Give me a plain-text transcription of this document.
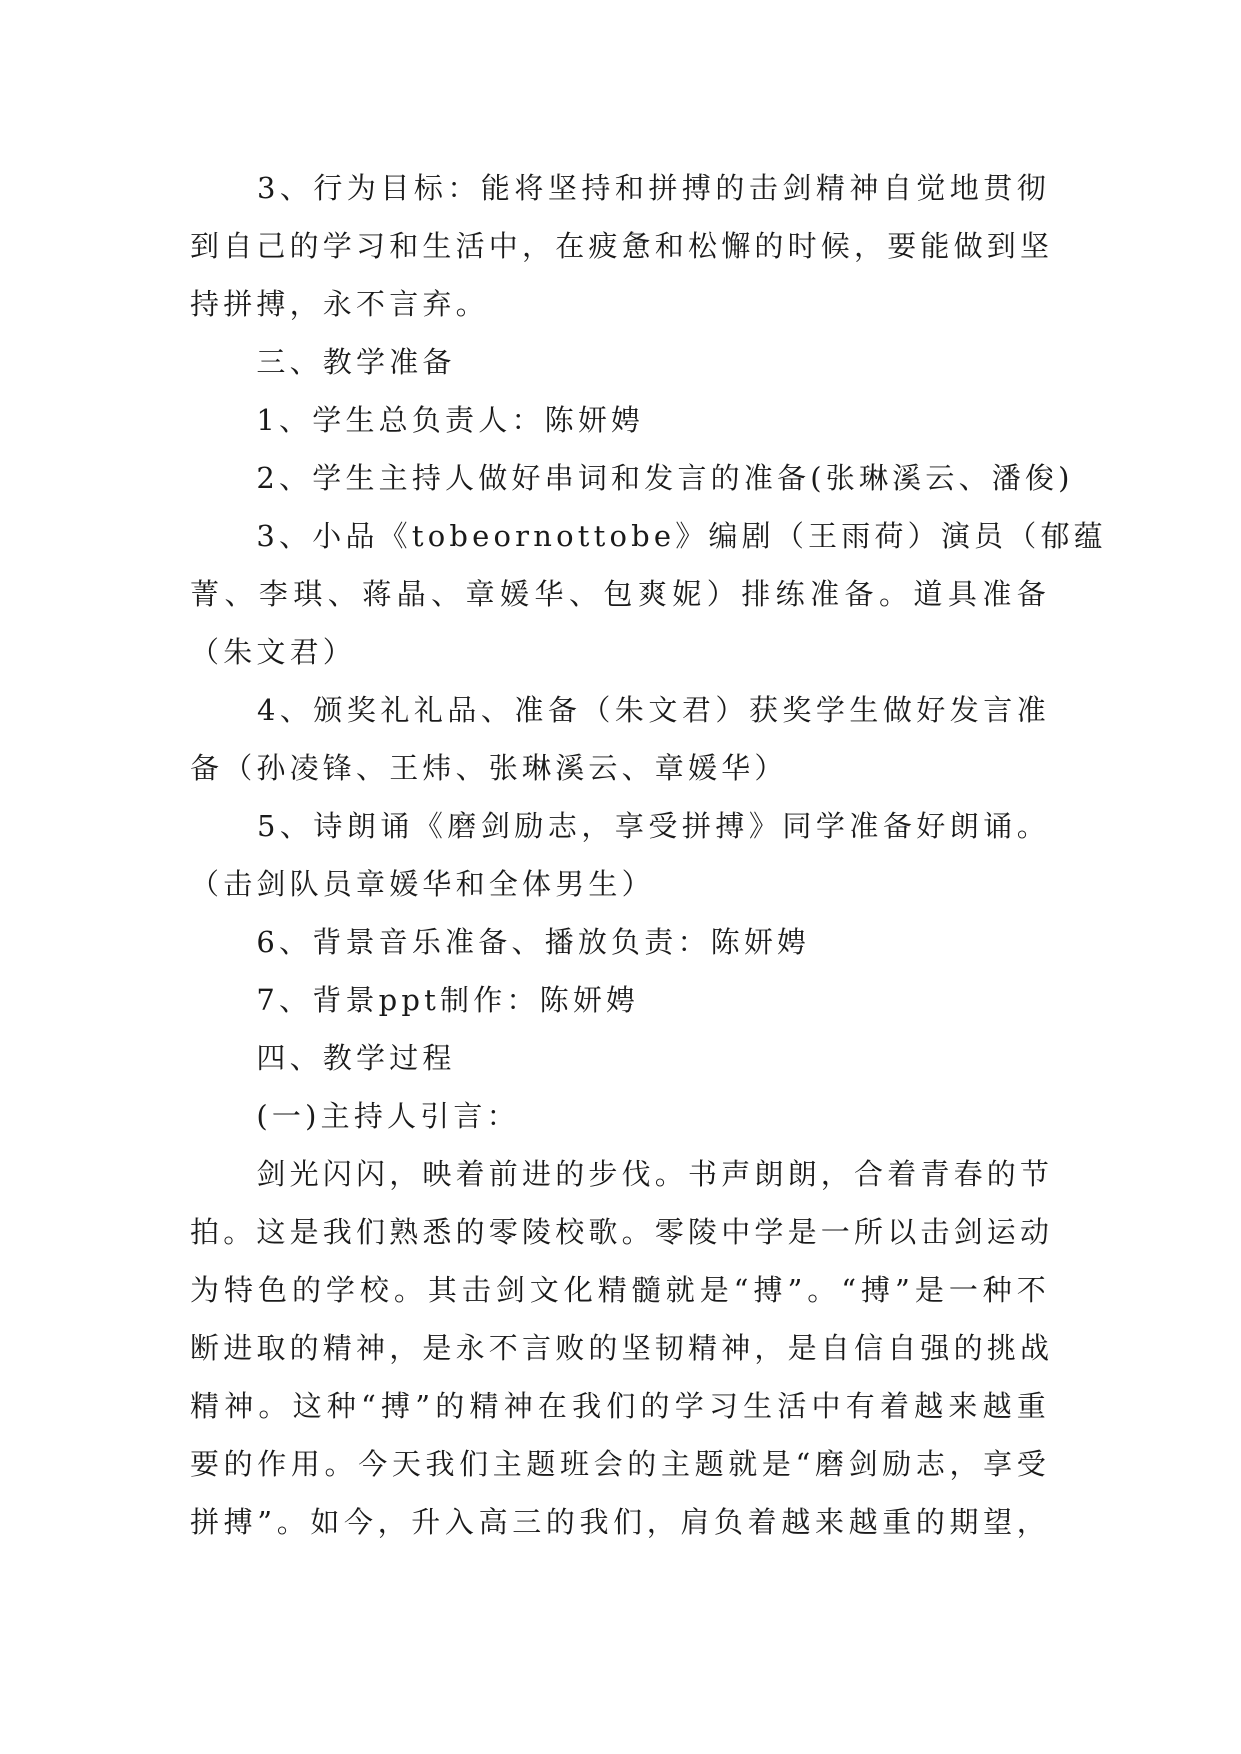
　　3、行为目标：能将坚持和拼搏的击剑精神自觉地贯彻
到自己的学习和生活中，在疲惫和松懈的时候，要能做到坚
持拼搏，永不言弃。
　　三、教学准备
　　1、学生总负责人：陈妍娉
　　2、学生主持人做好串词和发言的准备(张琳溪云、潘俊)
　　3、小品《tobeornottobe》编剧（王雨荷）演员（郁蕴
菁、李琪、蒋晶、章媛华、包爽妮）排练准备。道具准备
（朱文君）
　　4、颁奖礼礼品、准备（朱文君）获奖学生做好发言准
备（孙凌锋、王炜、张琳溪云、章媛华）
　　5、诗朗诵《磨剑励志，享受拼搏》同学准备好朗诵。
（击剑队员章媛华和全体男生）
　　6、背景音乐准备、播放负责：陈妍娉
　　7、背景ppt制作：陈妍娉
　　四、教学过程
　　(一)主持人引言：
　　剑光闪闪，映着前进的步伐。书声朗朗，合着青春的节
拍。这是我们熟悉的零陵校歌。零陵中学是一所以击剑运动
为特色的学校。其击剑文化精髓就是“搏”。“搏”是一种不
断进取的精神，是永不言败的坚韧精神，是自信自强的挑战
精神。这种“搏”的精神在我们的学习生活中有着越来越重
要的作用。今天我们主题班会的主题就是“磨剑励志，享受
拼搏”。如今，升入高三的我们，肩负着越来越重的期望，
